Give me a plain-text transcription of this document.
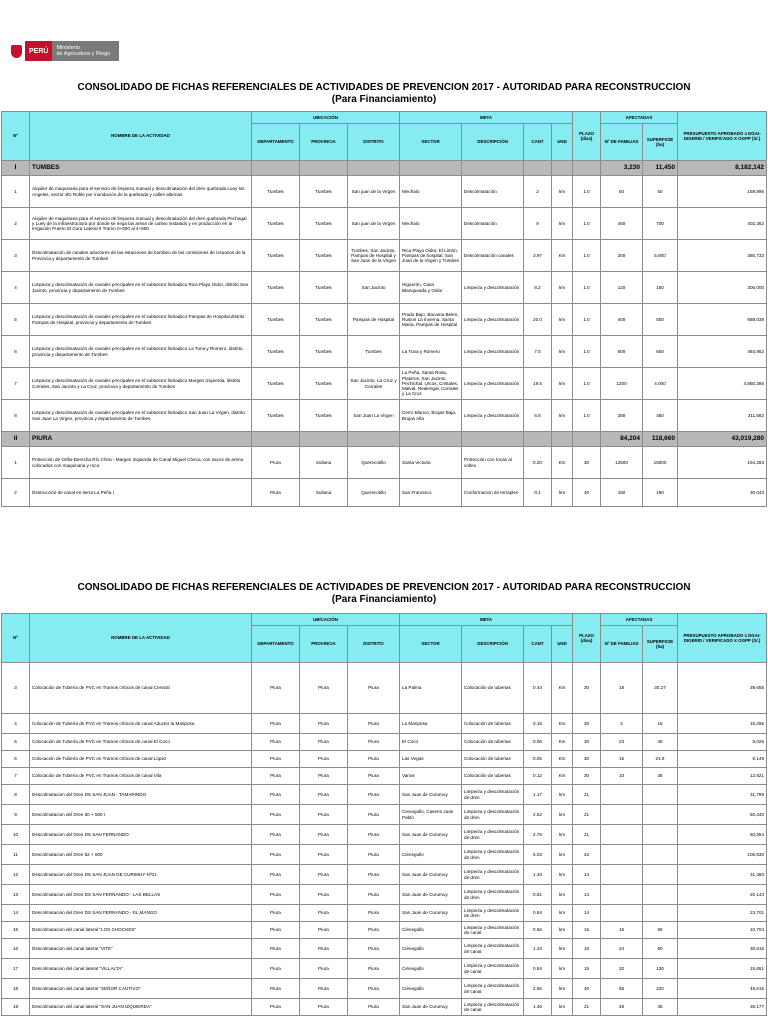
PERÚ	Ministerio
de Agricultura y Riego
CONSOLIDADO DE FICHAS REFERENCIALES DE ACTIVIDADES DE PREVENCION 2017 - AUTORIDAD PARA RECONSTRUCCION
(Para Financiamiento)
CONSOLIDADO DE FICHAS REFERENCIALES DE ACTIVIDADES DE PREVENCION 2017 - AUTORIDAD PARA RECONSTRUCCION
(Para Financiamiento)
Nº	NOMBRE DE LA ACTIVIDAD	UBICACIÓN			META				PLAZO
(días)	AFECTADAS		PRESUPUESTO APROBADO x DGAI-DIGERID / VERIFICADO X OGPP (S/.)
		DEPARTAMENTO	PROVINCIA	DISTRITO	SECTOR	DESCRIPCIÓN	CANT	UND		Nº DE FAMILIAS	SUPERFICIE (ha)	
I	TUMBES									3,230	11,450	8,182,142
1	Alquiler de maquinaria para el servicio de limpieza manual y descolmatación del dren quebrada Luey los Angeles, sector xlD Roble por inundación de la quebrada y calles alternas	Tumbes	Tumbes	San juan de la Virgen	Mechalo	Descolmatación	2	km	1.0	50	50	158,896
2	Alquiler de maquinaria para el servicio de limpieza manual y descolmatación del dren quebrada Pechegal y Luey de la infraestructura por donde se riega las areas de cultivo instalado y en producción en la Irrigación Puerto El Cura Lateral II Tramo 0+000 al 4+850	Tumbes	Tumbes	San juan de la Virgen	Mechalo	Descolmatación	9	km	1.0	460	700	402,352
3	Descolmatación de canales aductores de las estaciones de bombeo de las comisiones de Usuarios de la Provincia y departamento de Tumbes	Tumbes	Tumbes	Tumbes, San Jacinto, Pampas de Hospital y San Juan de la Virgen	Rica Playa Oidor, El Limón, Pampas de hospital, San Juan de la Virgen y Tumbes	Descolmatación canales	3.97	Km	1.0	200	5,800	380,733
4	Limpieza y descolmatación de canales principales en el subsector hidraulico Rica Playa Oidor, distrito San Jacinto, provincia y departamento de Tumbes	Tumbes	Tumbes	San Jacinto	Higuerón, Casa Blanqueada y Oidor	Limpieza y descolmatación	8.2	km	1.0	120	150	306,000
5	Limpieza y descolmatación de canales principales en el subsector hidraulico Pampas de Hospital,distrito Pampas de Hospital, provincia y departamento de Tumbes	Tumbes	Tumbes	Pampas de Hospital	Prado Bajo, Bacama Belen, Rusion La Inverna, Santa Maria, Pampas de Hospital	Limpieza y descolmatación	20.0	km	1.0	400	500	688,039
6	Limpieza y descolmatación de canales principales en el subsector hidraulico La Tuna y Romero, distrito, provincia y departamento de Tumbes	Tumbes	Tumbes	Tumbes	La Tuna y Romero	Limpieza y descolmatación	7.5	km	1.0	500	600	484,952
7	Limpieza y descolmatación de canales principales en el subsector hidraulico Margen Izquierda, distrito Corrales, San Jacinto y La Cruz, provincia y departamento de Tumbes	Tumbes	Tumbes	San Jacinto, La Cruz y Corrales	La Peña, Santa Rosa, Plateros, San Jacinto, Pechichal, Urcos, Cristales, Malval, Realengal, Corrales y La Cruz	Limpieza y descolmatación	19.5	km	1.0	1200	4,000	4,880,386
8	Limpieza y descolmatación de canales principales en el subsector hidraulico San Juan La Virgen, distrito San Juan La Virgen, provincia y departamento de Tumbes	Tumbes	Tumbes	San Juan La Virgen	Cerro Blanco, Brujas Baja, Brujas Alta	Limpieza y descolmatación	6.8	km	1.0	280	450	311,582
II	PIURA									84,204	118,660	43,019,280
1	Protección de Orilla-Derecha Río Chira - Margen Izquierda de Canal Miguel Checa, con sacos de arena colocados con maquinaria y roca	Piura	Sullana	Querecotillo	Santa Victoria	Protección con rocas al volteo	0.20	Km	30	12500	15000	194,283
2	Destrucción de canal en tierra La Peña I	Piura	Sullana	Querecotillo	San Francisco	Conformacion de terraplen	0.1	km	30	150	190	30,043
Nº	NOMBRE DE LA ACTIVIDAD	UBICACIÓN			META				PLAZO
(días)	AFECTADAS		PRESUPUESTO APROBADO x DGAI-DIGERID / VERIFICADO X OGPP (S/.)
		DEPARTAMENTO	PROVINCIA	DISTRITO	SECTOR	DESCRIPCIÓN	CANT	UND		Nº DE FAMILIAS	SUPERFICIE (ha)	
3	Colocación de Tubería de PVC en Tramos críticos de canal Cerezal	Piura	Piura	Piura	La Palma	Colocación de tuberias	0.44	Km	30	18	30.27	39,655
4	Colocación de Tubería de PVC en Tramos críticos de canal Aductor la Mariposa	Piura	Piura	Piura	La Mariposa	Colocación de tuberias	0.15	Km	30	4	16	16,295
5	Colocación de Tubería de PVC en Tramos críticos de canal El Coco	Piura	Piura	Piura	El Coco	Colocación de tuberias	0.06	Km	30	23	45	8,025
6	Colocación de Tubería de PVC en Tramos críticos de canal López	Piura	Piura	Piura	Las Vegas	Colocación de tuberias	0.05	Km	30	15	24.9	6,149
7	Colocación de Tubería de PVC en Tramos críticos de canal Vila	Piura	Piura	Piura	Varios	Colocación de tuberias	0.12	Km	30	10	38	12,821
8	Descolmatacion del Dren DS SAN JUAN - TAMARINDO	Piura	Piura	Piura	San Juan de Curumuy	Limpieza y descolmatación de dren	1.17	km	21			31,789
9	Descolmatacion del Dren 50 + 500 I	Piura	Piura	Piura	Cienegullo, Caserio Juan Pablo	Limpieza y descolmatación de dren	2.52	km	21			50,340
10	Descolmatacion del Dren DS SAN FERNANDO	Piura	Piura	Piura	San Juan de Curumuy	Limpieza y descolmatación de dren	2.75	km	21			60,554
11	Descolmatacion del Dren 52 + 800	Piura	Piura	Piura	Ciénegullo	Limpieza y descolmatación de dren	6.03	km	42			106,830
12	Descolmatacion del Dren DS SAN JUAN DE CURIMUY Nº01	Piura	Piura	Piura	San Juan de Curumuy	Limpieza y descolmatación de dren	1.33	km	14			31,460
13	Descolmatacion del Dren DS SAN FERNANDO - LAS BELLAS	Piura	Piura	Piura	San Juan de Curumuy	Limpieza y descolmatación de dren	0.61	km	14			20,144
14	Descolmatacion del Dren DS SAN FERNANDO - EL MANGO	Piura	Piura	Piura	San Juan de Curumuy	Limpieza y descolmatación de dren	0.84	km	14			23,701
15	Descolmatacion del canal lateral "LOS CHOCHES"	Piura	Piura	Piura	Ciénegullo	Limpieza y descolmatación de canal	0.56	km	15	16	65	10,704
16	Descolmatacion del canal lateral "VITE"	Piura	Piura	Piura	Ciénegullo	Limpieza y descolmatación de canal	1.23	km	15	24	60	30,616
17	Descolmatacion del canal lateral "VILLALTA"	Piura	Piura	Piura	Ciénegullo	Limpieza y descolmatación de canal	0.84	km	15	32	130	15,651
18	Descolmatacion del canal lateral "SEÑOR CAUTIVO"	Piura	Piura	Piura	Ciénegullo	Limpieza y descolmatación de canal	2.55	km	30	65	220	45,615
19	Descolmatacion del canal lateral "SAN JUAN IZQUIERDA"	Piura	Piura	Piura	San Juan de Curumuy	Limpieza y descolmatación de canal	1.46	km	21	48	45	36,177
